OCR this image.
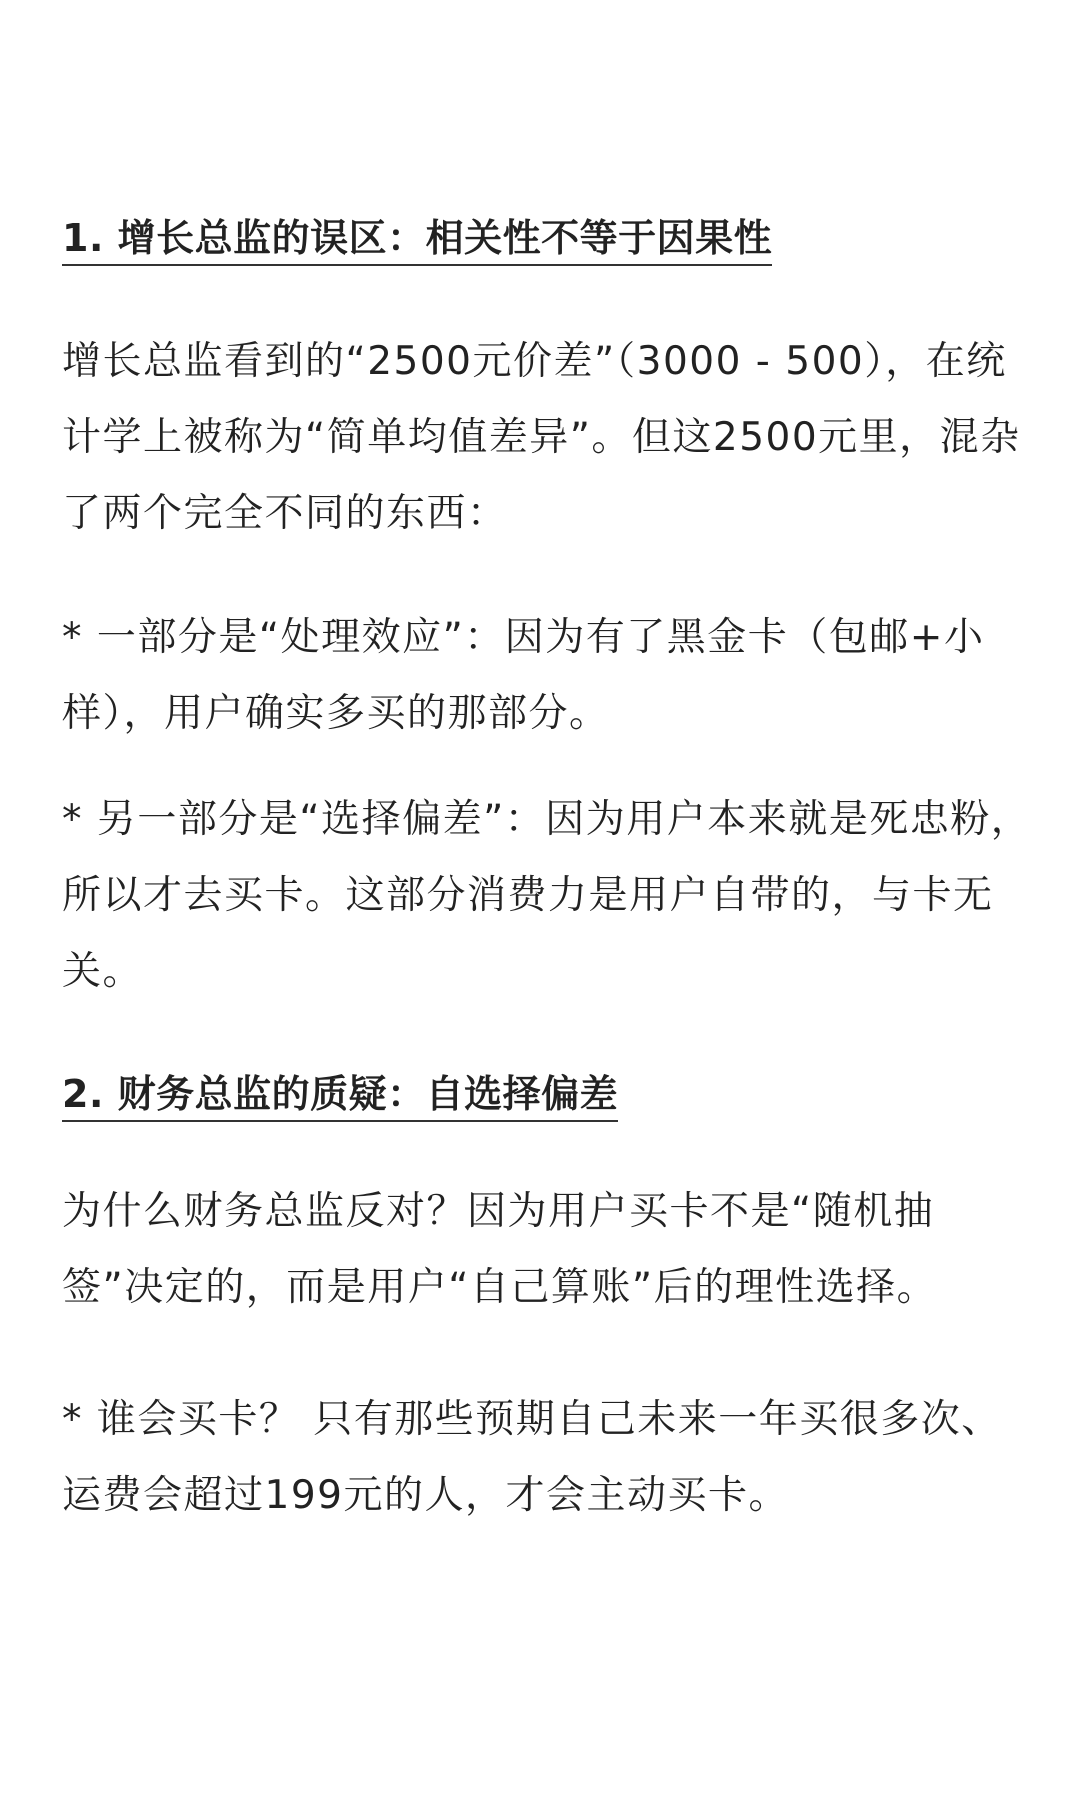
1. 增长总监的误区：相关性不等于因果性

增长总监看到的“2500元价差”（3000 - 500），在统计学上被称为“简单均值差异”。但这2500元里，混杂了两个完全不同的东西：

* 一部分是“处理效应”：因为有了黑金卡（包邮+小样），用户确实多买的那部分。

* 另一部分是“选择偏差”：因为用户本来就是死忠粉，所以才去买卡。这部分消费力是用户自带的，与卡无关。

2. 财务总监的质疑：自选择偏差

为什么财务总监反对？因为用户买卡不是“随机抽签”决定的，而是用户“自己算账”后的理性选择。

* 谁会买卡？ 只有那些预期自己未来一年买很多次、运费会超过199元的人，才会主动买卡。
